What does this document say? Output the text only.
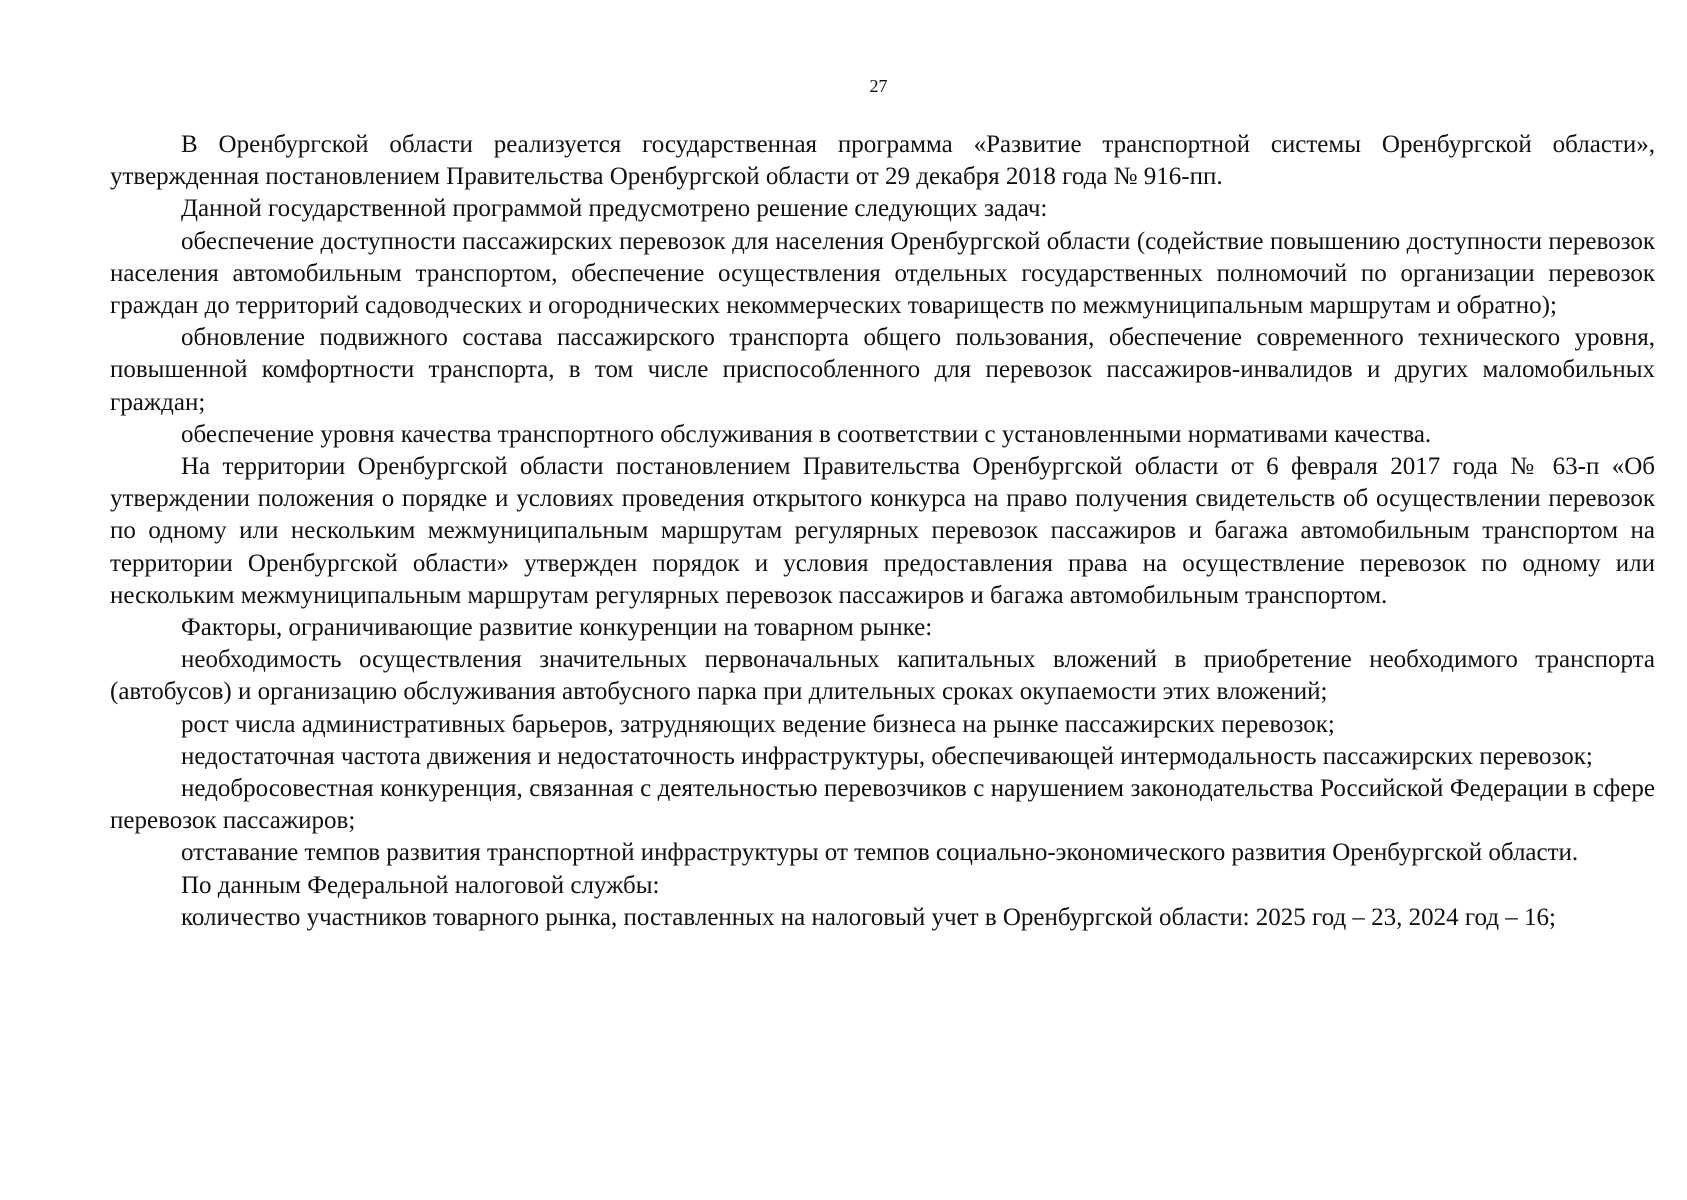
27

В Оренбургской области реализуется государственная программа «Развитие транспортной системы Оренбургской области», утвержденная постановлением Правительства Оренбургской области от 29 декабря 2018 года № 916-пп.

Данной государственной программой предусмотрено решение следующих задач:

обеспечение доступности пассажирских перевозок для населения Оренбургской области (содействие повышению доступности перевозок населения автомобильным транспортом, обеспечение осуществления отдельных государственных полномочий по организации перевозок граждан до территорий садоводческих и огороднических некоммерческих товариществ по межмуниципальным маршрутам и обратно);

обновление подвижного состава пассажирского транспорта общего пользования, обеспечение современного технического уровня, повышенной комфортности транспорта, в том числе приспособленного для перевозок пассажиров-инвалидов и других маломобильных граждан;

обеспечение уровня качества транспортного обслуживания в соответствии с установленными нормативами качества.

На территории Оренбургской области постановлением Правительства Оренбургской области от 6 февраля 2017 года № 63-п «Об утверждении положения о порядке и условиях проведения открытого конкурса на право получения свидетельств об осуществлении перевозок по одному или нескольким межмуниципальным маршрутам регулярных перевозок пассажиров и багажа автомобильным транспортом на территории Оренбургской области» утвержден порядок и условия предоставления права на осуществление перевозок по одному или нескольким межмуниципальным маршрутам регулярных перевозок пассажиров и багажа автомобильным транспортом.

Факторы, ограничивающие развитие конкуренции на товарном рынке:

необходимость осуществления значительных первоначальных капитальных вложений в приобретение необходимого транспорта (автобусов) и организацию обслуживания автобусного парка при длительных сроках окупаемости этих вложений;

рост числа административных барьеров, затрудняющих ведение бизнеса на рынке пассажирских перевозок;

недостаточная частота движения и недостаточность инфраструктуры, обеспечивающей интермодальность пассажирских перевозок;

недобросовестная конкуренция, связанная с деятельностью перевозчиков с нарушением законодательства Российской Федерации в сфере перевозок пассажиров;

отставание темпов развития транспортной инфраструктуры от темпов социально-экономического развития Оренбургской области.

По данным Федеральной налоговой службы:

количество участников товарного рынка, поставленных на налоговый учет в Оренбургской области: 2025 год – 23, 2024 год – 16;
